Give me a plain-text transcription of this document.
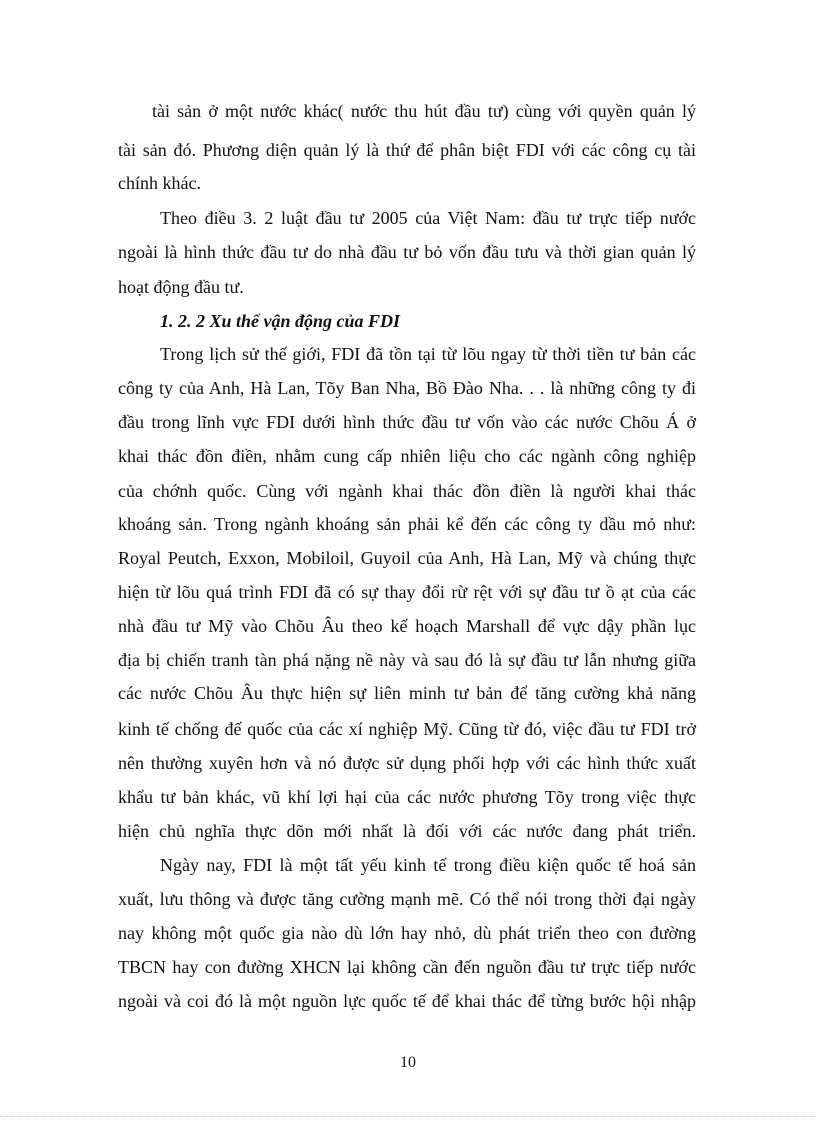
tài sản ở một nước khác( nước thu hút đầu tư) cùng với quyền quản lý
tài sản đó. Phương diện quản lý là thứ để phân biệt FDI với các công cụ tài
chính khác.
Theo điều 3. 2 luật đầu tư 2005 của Việt Nam: đầu tư trực tiếp nước
ngoài là hình thức đầu tư do nhà đầu tư bỏ vốn đầu tưu và thời gian quản lý
hoạt động đầu tư.
1. 2. 2 Xu thế vận động của FDI
Trong lịch sử thế giới, FDI đã tồn tại từ lõu ngay từ thời tiền tư bản các
công ty của Anh, Hà Lan, Tõy Ban Nha, Bồ Đào Nha. . . là những công ty đi
đầu trong lĩnh vực FDI dưới hình thức đầu tư vốn vào các nước Chõu Á ở
khai thác đồn điền, nhằm cung cấp nhiên liệu cho các ngành công nghiệp
của chớnh quốc. Cùng với ngành khai thác đồn điền là người khai thác
khoáng sản. Trong ngành khoáng sản phải kể đến các công ty dầu mỏ như:
Royal Peutch, Exxon, Mobiloil, Guyoil của Anh, Hà Lan, Mỹ và chúng thực
hiện từ lõu quá trình FDI đã có sự thay đổi rừ rệt với sự đầu tư ồ ạt của các
nhà đầu tư Mỹ vào Chõu Âu theo kế hoạch Marshall để vực dậy phần lục
địa bị chiến tranh tàn phá nặng nề này và sau đó là sự đầu tư lẫn nhưng giữa
các nước Chõu Âu thực hiện sự liên minh tư bản để tăng cường khả năng
kinh tế chống đế quốc của các xí nghiệp Mỹ. Cũng từ đó, việc đầu tư FDI trở
nên thường xuyên hơn và nó được sử dụng phối hợp với các hình thức xuất
khẩu tư bản khác, vũ khí lợi hại của các nước phương Tõy trong việc thực
hiện chủ nghĩa thực dõn mới nhất là đối với các nước đang phát triển.
Ngày nay, FDI là một tất yếu kinh tế trong điều kiện quốc tế hoá sản
xuất, lưu thông và được tăng cường mạnh mẽ. Có thể nói trong thời đại ngày
nay không một quốc gia nào dù lớn hay nhỏ, dù phát triển theo con đường
TBCN hay con đường XHCN lại không cần đến nguồn đầu tư trực tiếp nước
ngoài và coi đó là một nguồn lực quốc tế để khai thác để từng bước hội nhập
10
